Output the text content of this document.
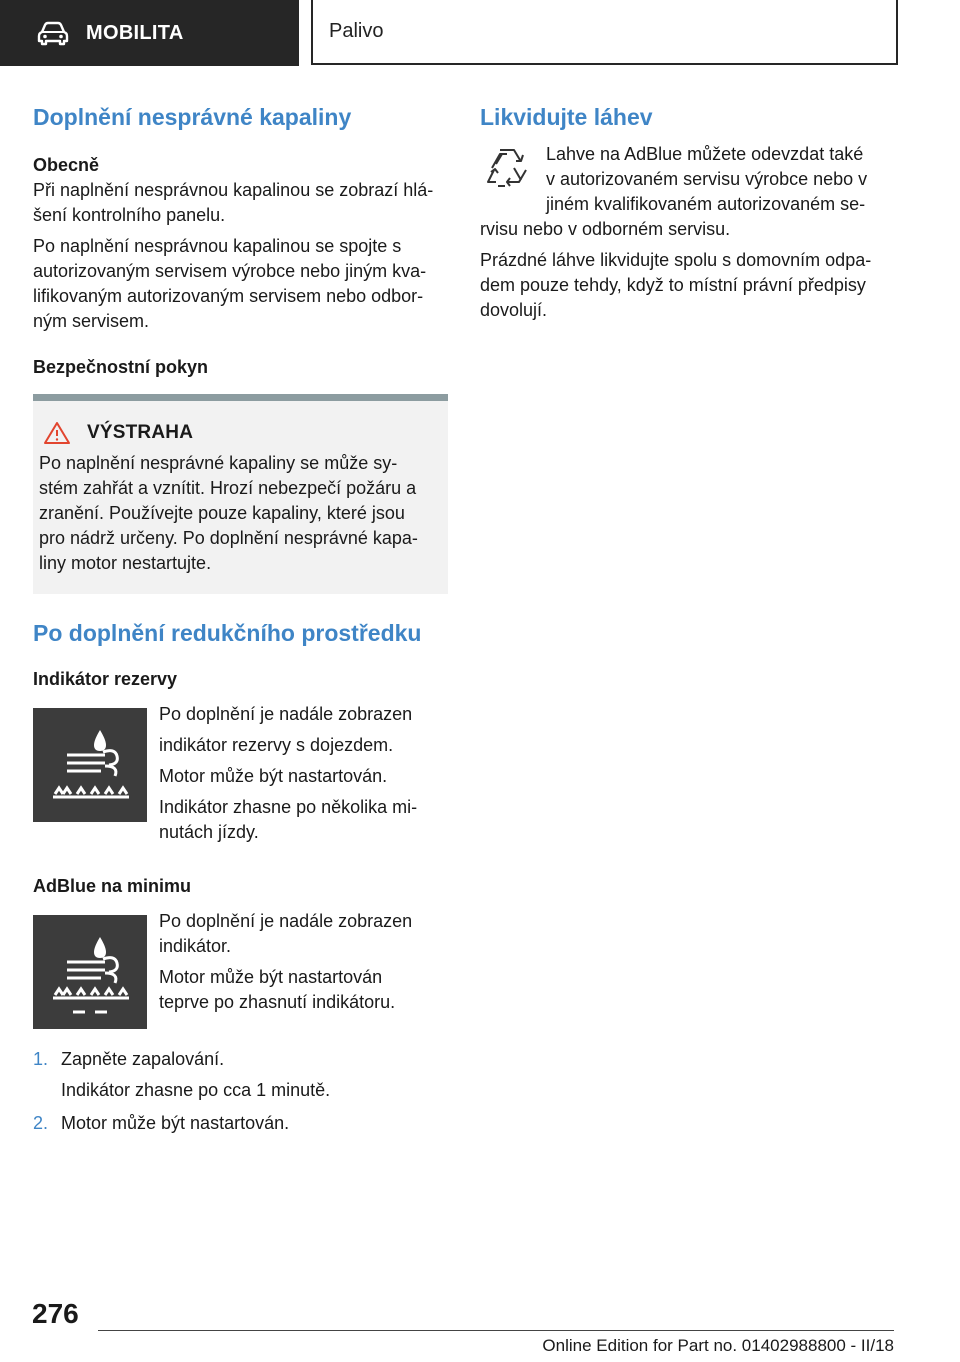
MOBILITA	Palivo
Doplnění nesprávné kapaliny
Obecně

Při naplnění nesprávnou kapalinou se zobrazí hlá-

šení kontrolního panelu.

Po naplnění nesprávnou kapalinou se spojte s

autorizovaným servisem výrobce nebo jiným kva-

lifikovaným autorizovaným servisem nebo odbor-

ným servisem.

Bezpečnostní pokyn
VÝSTRAHA

Po naplnění nesprávné kapaliny se může sy-

stém zahřát a vznítit. Hrozí nebezpečí požáru a

zranění. Používejte pouze kapaliny, které jsou

pro nádrž určeny. Po doplnění nesprávné kapa-

liny motor nestartujte.

Po doplnění redukčního prostředku
Indikátor rezervy

Po doplnění je nadále zobrazen

indikátor rezervy s dojezdem.

Motor může být nastartován.

Indikátor zhasne po několika mi-

nutách jízdy.

AdBlue na minimu

Po doplnění je nadále zobrazen

indikátor.

Motor může být nastartován

teprve po zhasnutí indikátoru.

1. Zapněte zapalování.

Indikátor zhasne po cca 1 minutě.

2. Motor může být nastartován.

Likvidujte láhev

Lahve na AdBlue můžete odevzdat také

v autorizovaném servisu výrobce nebo v

jiném kvalifikovaném autorizovaném se-

rvisu nebo v odborném servisu.

Prázdné láhve likvidujte spolu s domovním odpa-

dem pouze tehdy, když to místní právní předpisy

dovolují.

276
Online Edition for Part no. 01402988800 - II/18
